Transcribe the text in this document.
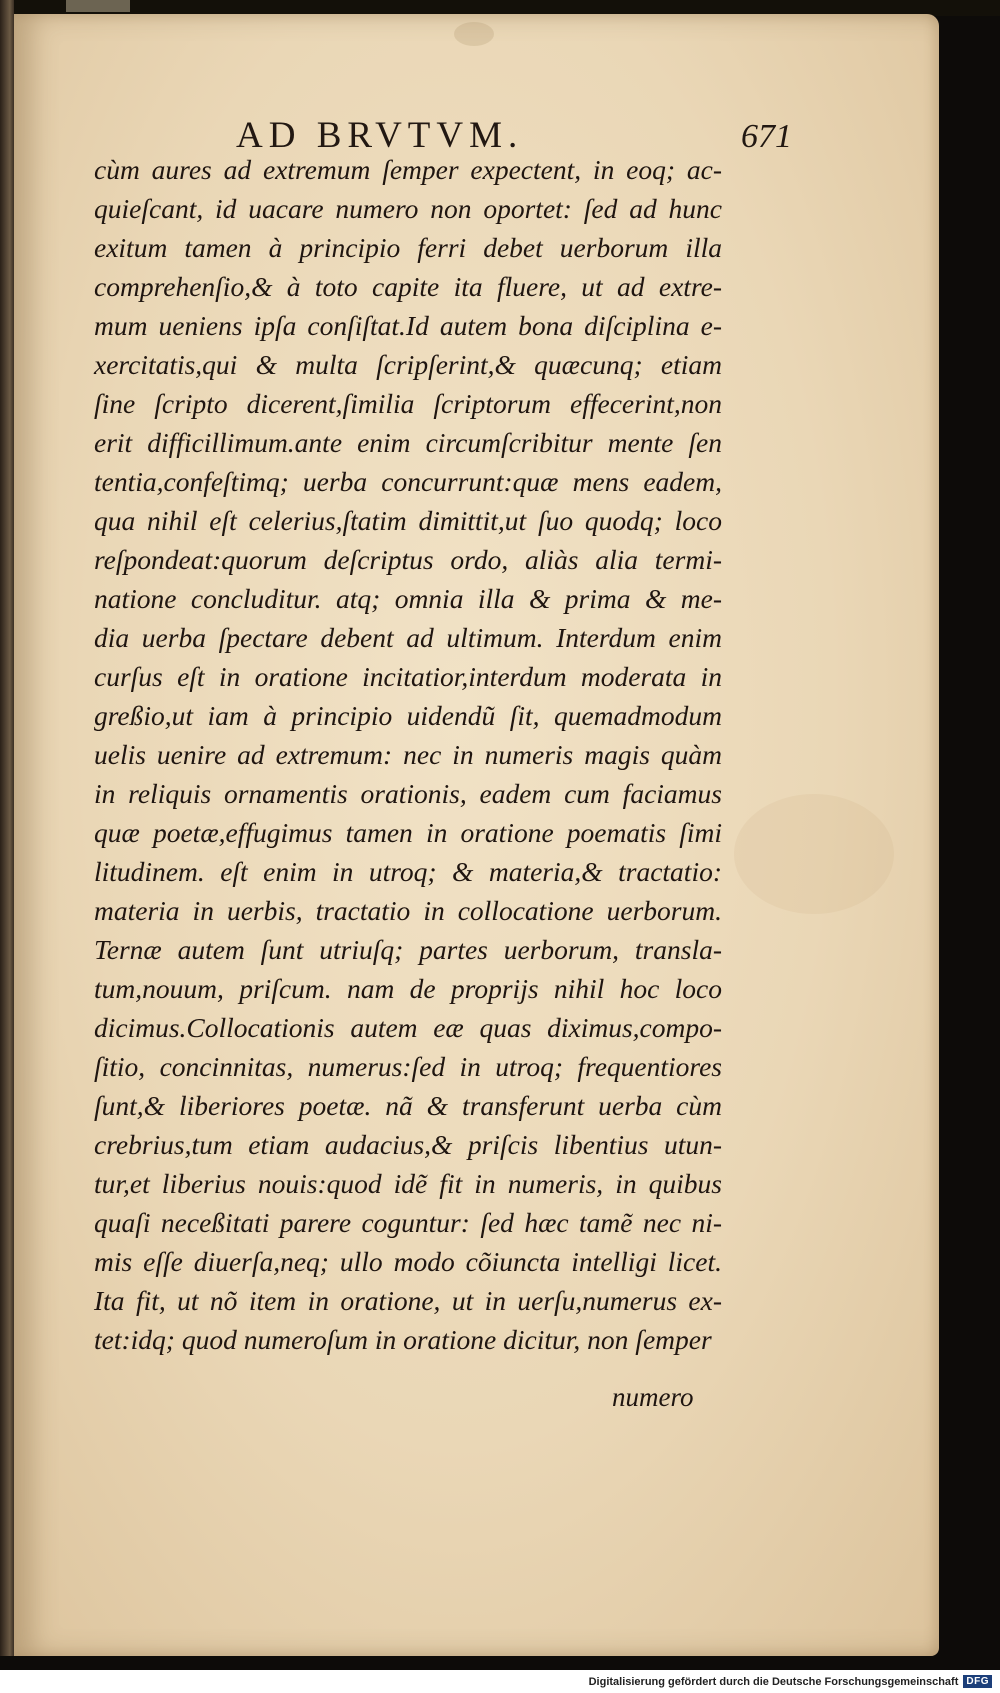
AD BRVTVM.	671
cùm aures ad extremum ſemper expectent, in eoq; ac-
quieſcant, id uacare numero non oportet: ſed ad hunc
exitum tamen à principio ferri debet uerborum illa
comprehenſio,& à toto capite ita fluere, ut ad extre-
mum ueniens ipſa conſiſtat.Id autem bona diſciplina e-
xercitatis,qui & multa ſcripſerint,& quæcunq; etiam
ſine ſcripto dicerent,ſimilia ſcriptorum effecerint,non
erit difficillimum.ante enim circumſcribitur mente ſen
tentia,confeſtimq; uerba concurrunt:quæ mens eadem,
qua nihil eſt celerius,ſtatim dimittit,ut ſuo quodq; loco
reſpondeat:quorum deſcriptus ordo, aliàs alia termi-
natione concluditur. atq; omnia illa & prima & me-
dia uerba ſpectare debent ad ultimum. Interdum enim
curſus eſt in oratione incitatior,interdum moderata in
greßio,ut iam à principio uidendũ ſit, quemadmodum
uelis uenire ad extremum: nec in numeris magis quàm
in reliquis ornamentis orationis, eadem cum faciamus
quæ poetæ,effugimus tamen in oratione poematis ſimi
litudinem. eſt enim in utroq; & materia,& tractatio:
materia in uerbis, tractatio in collocatione uerborum.
Ternæ autem ſunt utriuſq; partes uerborum, transla-
tum,nouum, priſcum. nam de proprijs nihil hoc loco
dicimus.Collocationis autem eæ quas diximus,compo-
ſitio, concinnitas, numerus:ſed in utroq; frequentiores
ſunt,& liberiores poetæ. nã & transferunt uerba cùm
crebrius,tum etiam audacius,& priſcis libentius utun-
tur,et liberius nouis:quod idẽ fit in numeris, in quibus
quaſi neceßitati parere coguntur: ſed hæc tamẽ nec ni-
mis eſſe diuerſa,neq; ullo modo cõiuncta intelligi licet.
Ita fit, ut nõ item in oratione, ut in uerſu,numerus ex-
tet:idq; quod numeroſum in oratione dicitur, non ſemper
numero
Digitalisierung gefördert durch die Deutsche Forschungsgemeinschaft DFG
